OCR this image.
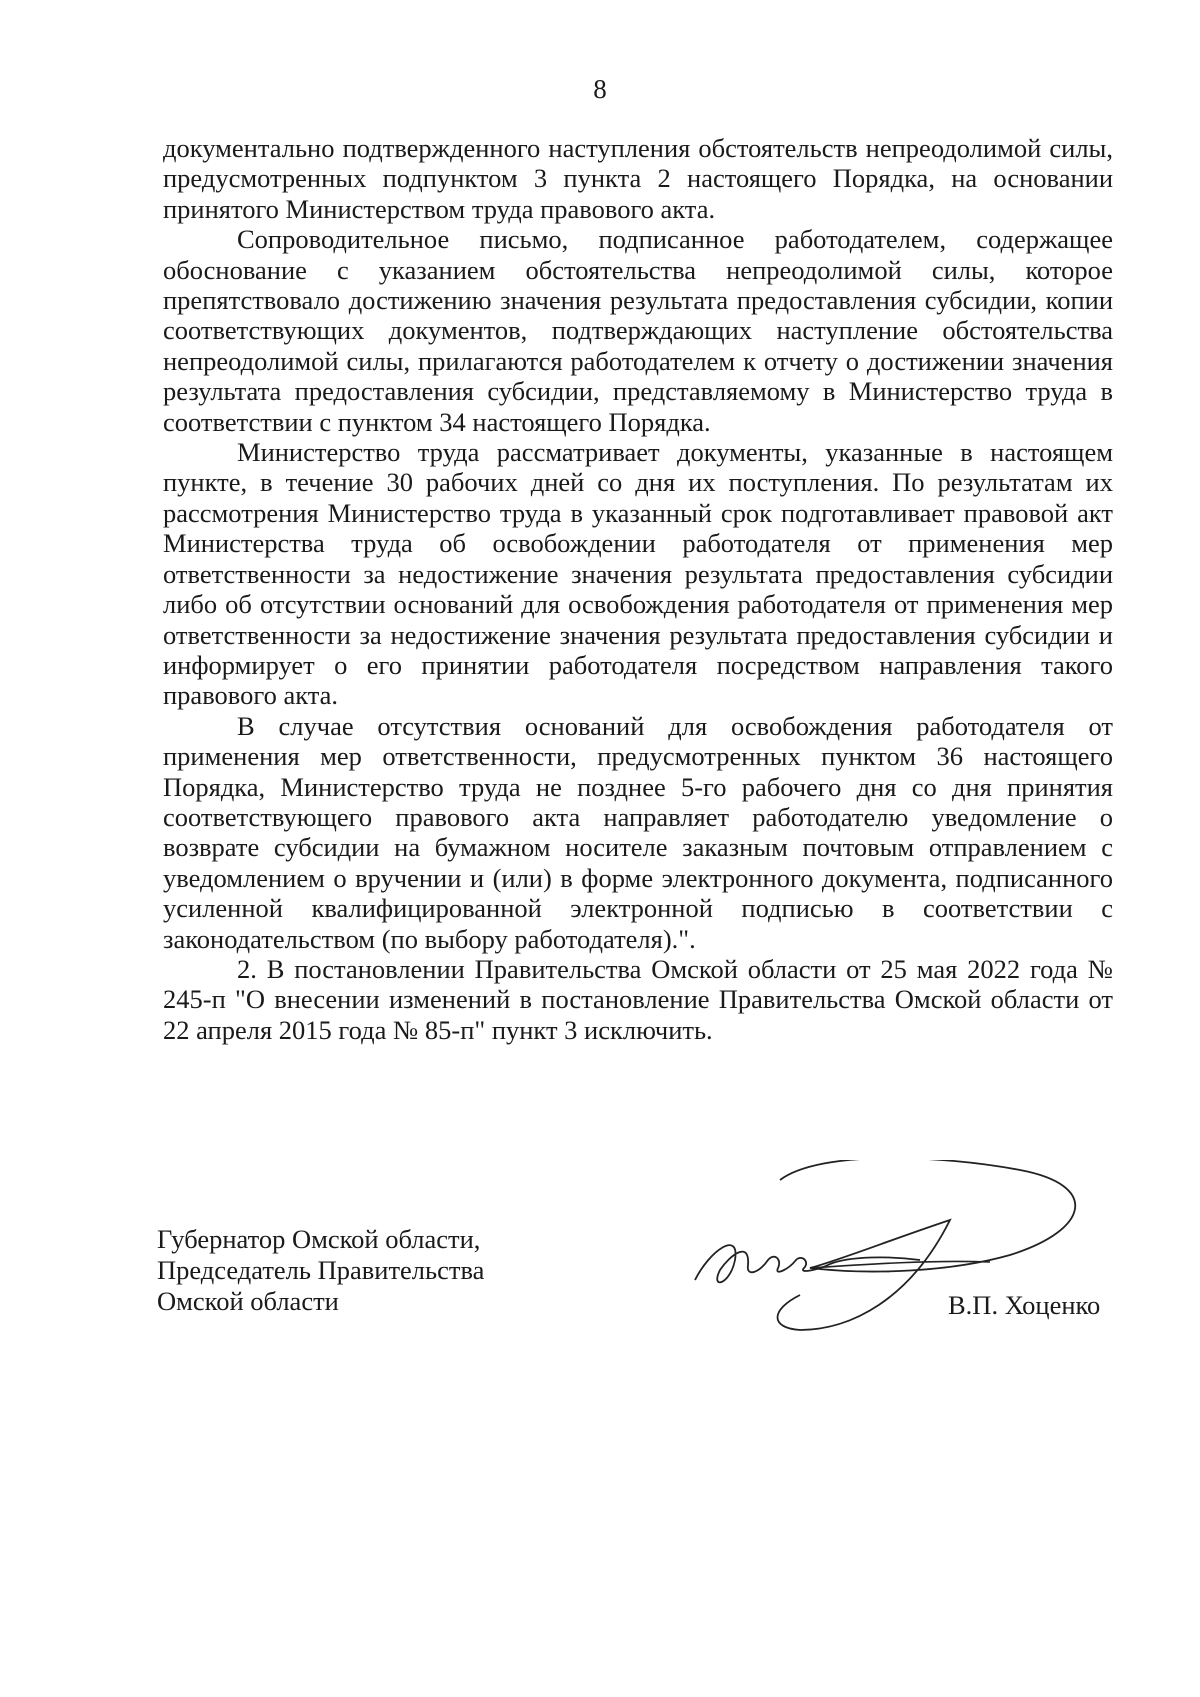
8

документально подтвержденного наступления обстоятельств непреодолимой силы, предусмотренных подпунктом 3 пункта 2 настоящего Порядка, на основании принятого Министерством труда правового акта.

Сопроводительное письмо, подписанное работодателем, содержащее обоснование с указанием обстоятельства непреодолимой силы, которое препятствовало достижению значения результата предоставления субсидии, копии соответствующих документов, подтверждающих наступление обстоятельства непреодолимой силы, прилагаются работодателем к отчету о достижении значения результата предоставления субсидии, представляемому в Министерство труда в соответствии с пунктом 34 настоящего Порядка.

Министерство труда рассматривает документы, указанные в настоящем пункте, в течение 30 рабочих дней со дня их поступления. По результатам их рассмотрения Министерство труда в указанный срок подготавливает правовой акт Министерства труда об освобождении работодателя от применения мер ответственности за недостижение значения результата предоставления субсидии либо об отсутствии оснований для освобождения работодателя от применения мер ответственности за недостижение значения результата предоставления субсидии и информирует о его принятии работодателя посредством направления такого правового акта.

В случае отсутствия оснований для освобождения работодателя от применения мер ответственности, предусмотренных пунктом 36 настоящего Порядка, Министерство труда не позднее 5-го рабочего дня со дня принятия соответствующего правового акта направляет работодателю уведомление о возврате субсидии на бумажном носителе заказным почтовым отправлением с уведомлением о вручении и (или) в форме электронного документа, подписанного усиленной квалифицированной электронной подписью в соответствии с законодательством (по выбору работодателя).".

2. В постановлении Правительства Омской области от 25 мая 2022 года № 245-п "О внесении изменений в постановление Правительства Омской области от 22 апреля 2015 года № 85-п" пункт 3 исключить.

Губернатор Омской области,
Председатель Правительства
Омской области	В.П. Хоценко
